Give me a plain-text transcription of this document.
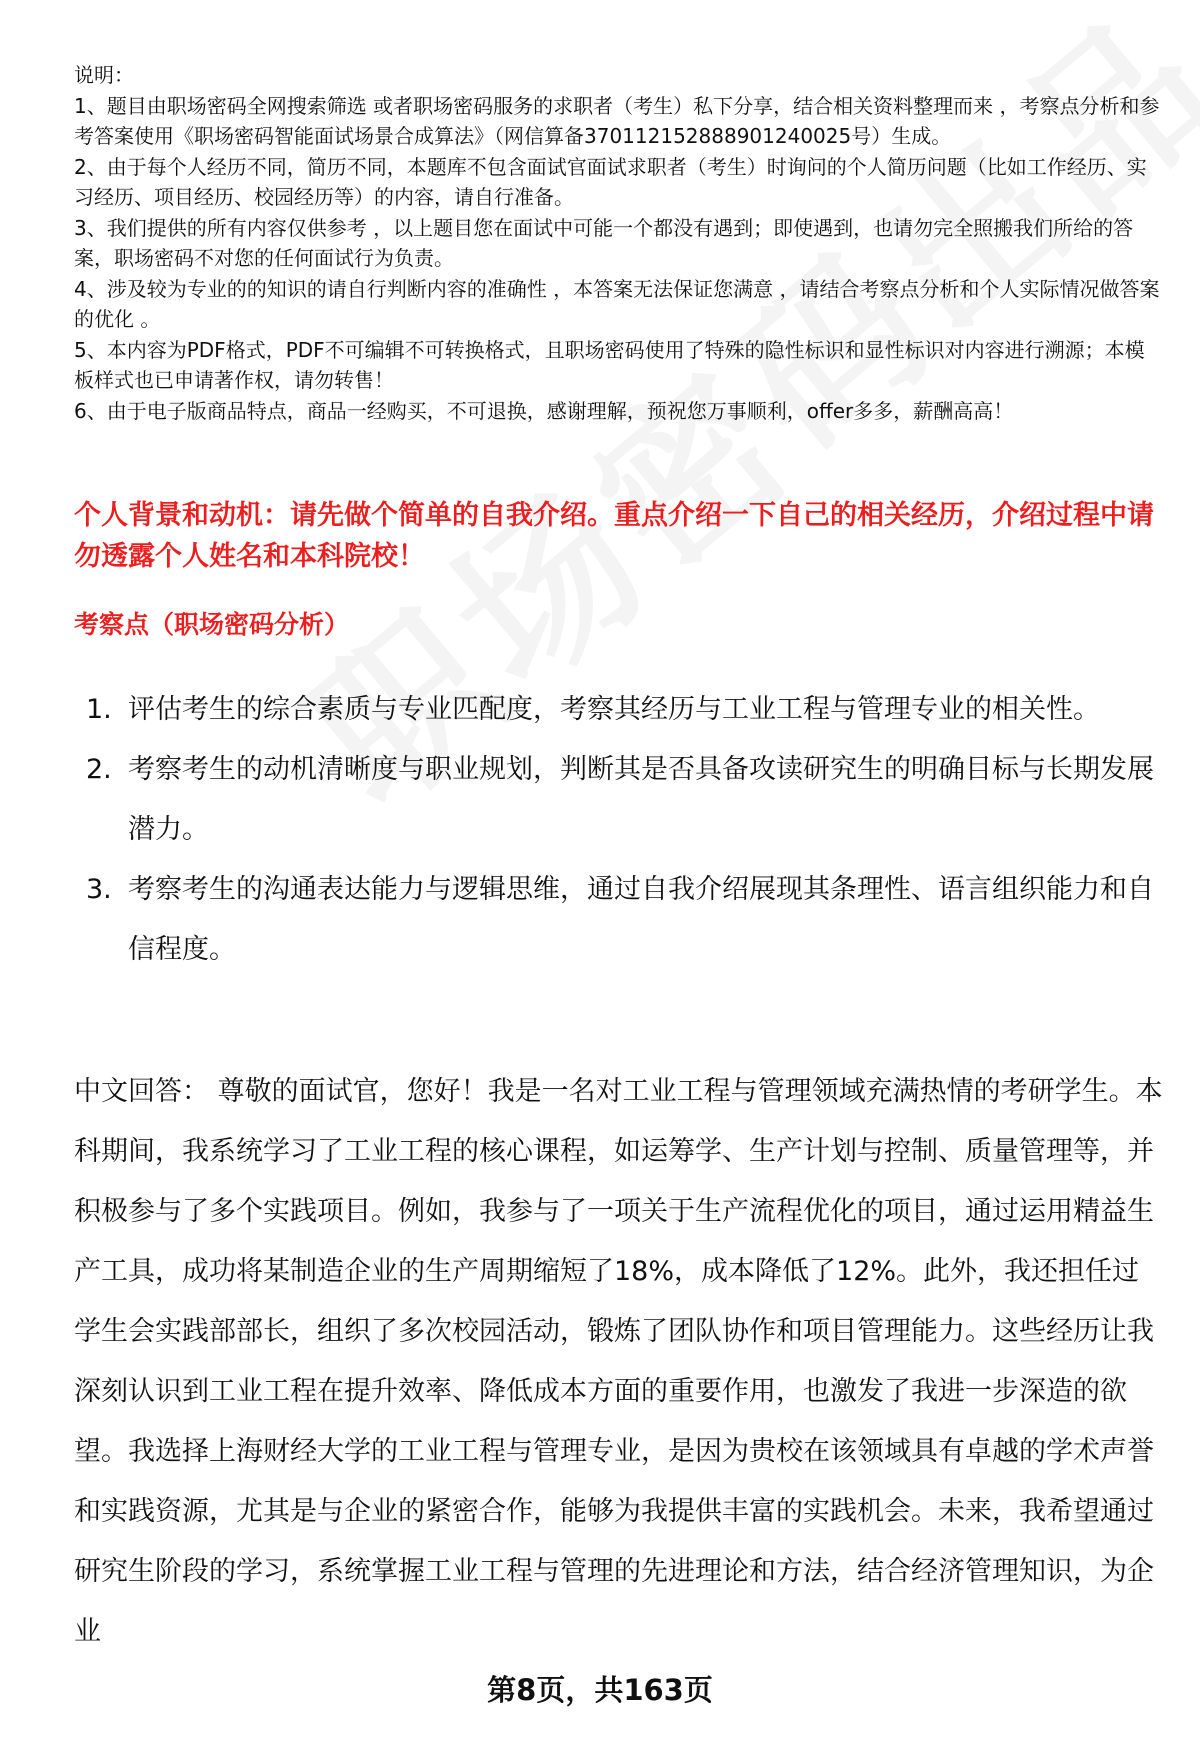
说明：

1、题目由职场密码全网搜索筛选 或者职场密码服务的求职者（考生）私下分享，结合相关资料整理而来 ，考察点分析和参考答案使用《职场密码智能面试场景合成算法》（网信算备370112152888901240025号）生成。

2、由于每个人经历不同，简历不同，本题库不包含面试官面试求职者（考生）时询问的个人简历问题（比如工作经历、实习经历、项目经历、校园经历等）的内容，请自行准备。

3、我们提供的所有内容仅供参考 ，以上题目您在面试中可能一个都没有遇到；即使遇到，也请勿完全照搬我们所给的答案，职场密码不对您的任何面试行为负责。

4、涉及较为专业的的知识的请自行判断内容的准确性 ，本答案无法保证您满意 ，请结合考察点分析和个人实际情况做答案的优化 。

5、本内容为PDF格式，PDF不可编辑不可转换格式，且职场密码使用了特殊的隐性标识和显性标识对内容进行溯源；本模板样式也已申请著作权，请勿转售！

6、由于电子版商品特点，商品一经购买，不可退换，感谢理解，预祝您万事顺利，offer多多，薪酬高高！

个人背景和动机：请先做个简单的自我介绍。重点介绍一下自己的相关经历，介绍过程中请勿透露个人姓名和本科院校！
考察点（职场密码分析）
1. 评估考生的综合素质与专业匹配度，考察其经历与工业工程与管理专业的相关性。
2. 考察考生的动机清晰度与职业规划，判断其是否具备攻读研究生的明确目标与长期发展潜力。
3. 考察考生的沟通表达能力与逻辑思维，通过自我介绍展现其条理性、语言组织能力和自信程度。
中文回答： 尊敬的面试官，您好！我是一名对工业工程与管理领域充满热情的考研学生。本科期间，我系统学习了工业工程的核心课程，如运筹学、生产计划与控制、质量管理等，并积极参与了多个实践项目。例如，我参与了一项关于生产流程优化的项目，通过运用精益生产工具，成功将某制造企业的生产周期缩短了18%，成本降低了12%。此外，我还担任过学生会实践部部长，组织了多次校园活动，锻炼了团队协作和项目管理能力。这些经历让我深刻认识到工业工程在提升效率、降低成本方面的重要作用，也激发了我进一步深造的欲望。我选择上海财经大学的工业工程与管理专业，是因为贵校在该领域具有卓越的学术声誉和实践资源，尤其是与企业的紧密合作，能够为我提供丰富的实践机会。未来，我希望通过研究生阶段的学习，系统掌握工业工程与管理的先进理论和方法，结合经济管理知识，为企业
第8页，共163页
